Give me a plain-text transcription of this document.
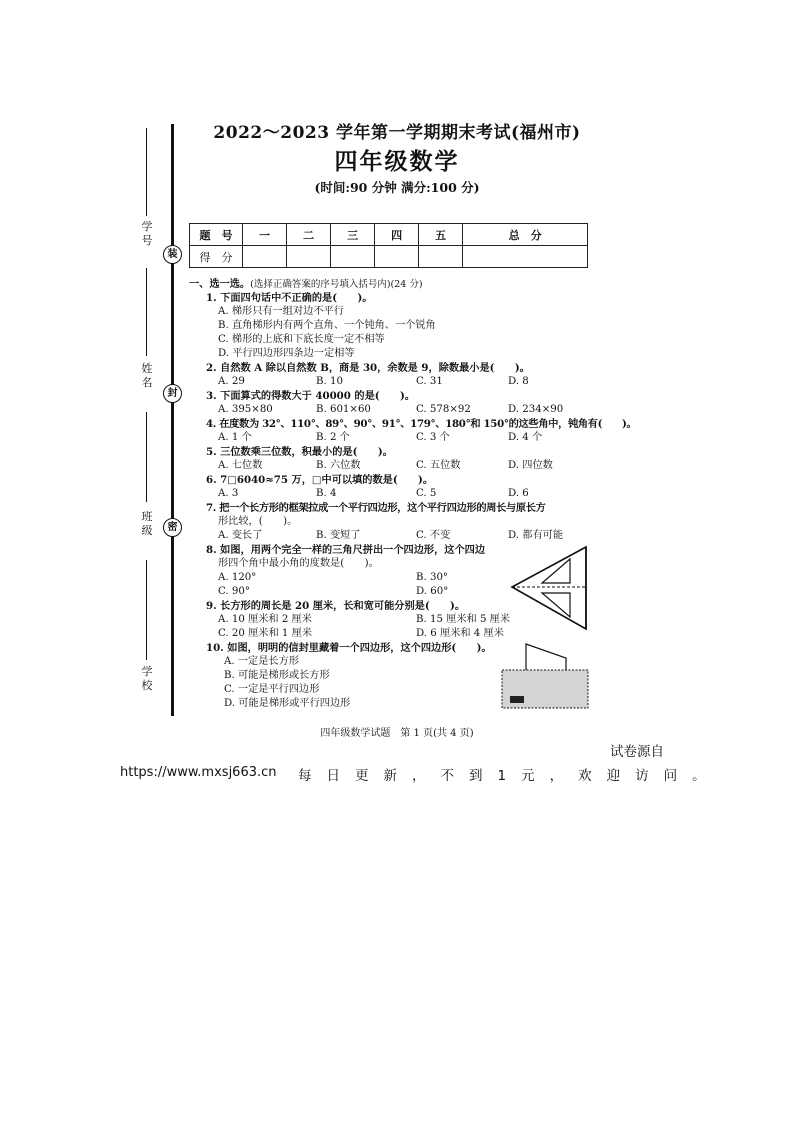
2022～2023 学年第一学期期末考试(福州市)
四年级数学
(时间:90 分钟 满分:100 分)
装
封
密
学　号
姓　名
班　级
学　校
题　号	一	二	三	四	五	总　分
得　分						
一、选一选。(选择正确答案的序号填入括号内)(24 分)
1. 下面四句话中不正确的是(　　)。
A. 梯形只有一组对边不平行
B. 直角梯形内有两个直角、一个钝角、一个锐角
C. 梯形的上底和下底长度一定不相等
D. 平行四边形四条边一定相等
2. 自然数 A 除以自然数 B，商是 30，余数是 9，除数最小是(　　)。
A. 29	B. 10	C. 31	D. 8
3. 下面算式的得数大于 40000 的是(　　)。
A. 395×80	B. 601×60	C. 578×92	D. 234×90
4. 在度数为 32°、110°、89°、90°、91°、179°、180°和 150°的这些角中，钝角有(　　)。
A. 1 个	B. 2 个	C. 3 个	D. 4 个
5. 三位数乘三位数，积最小的是(　　)。
A. 七位数	B. 六位数	C. 五位数	D. 四位数
6. 7□6040≈75 万，□中可以填的数是(　　)。
A. 3	B. 4	C. 5	D. 6
7. 把一个长方形的框架拉成一个平行四边形，这个平行四边形的周长与原长方
形比较，(　　)。
A. 变长了	B. 变短了	C. 不变	D. 都有可能
8. 如图，用两个完全一样的三角尺拼出一个四边形，这个四边
形四个角中最小角的度数是(　　)。
A. 120°	B. 30°
C. 90°	D. 60°
9. 长方形的周长是 20 厘米，长和宽可能分别是(　　)。
A. 10 厘米和 2 厘米	B. 15 厘米和 5 厘米
C. 20 厘米和 1 厘米	D. 6 厘米和 4 厘米
10. 如图，明明的信封里藏着一个四边形，这个四边形(　　)。
A. 一定是长方形
B. 可能是梯形或长方形
C. 一定是平行四边形
D. 可能是梯形或平行四边形
四年级数学试题　第 1 页(共 4 页)
试卷源自
https://www.mxsj663.cn 每日更新，不到1元，欢迎访问。
